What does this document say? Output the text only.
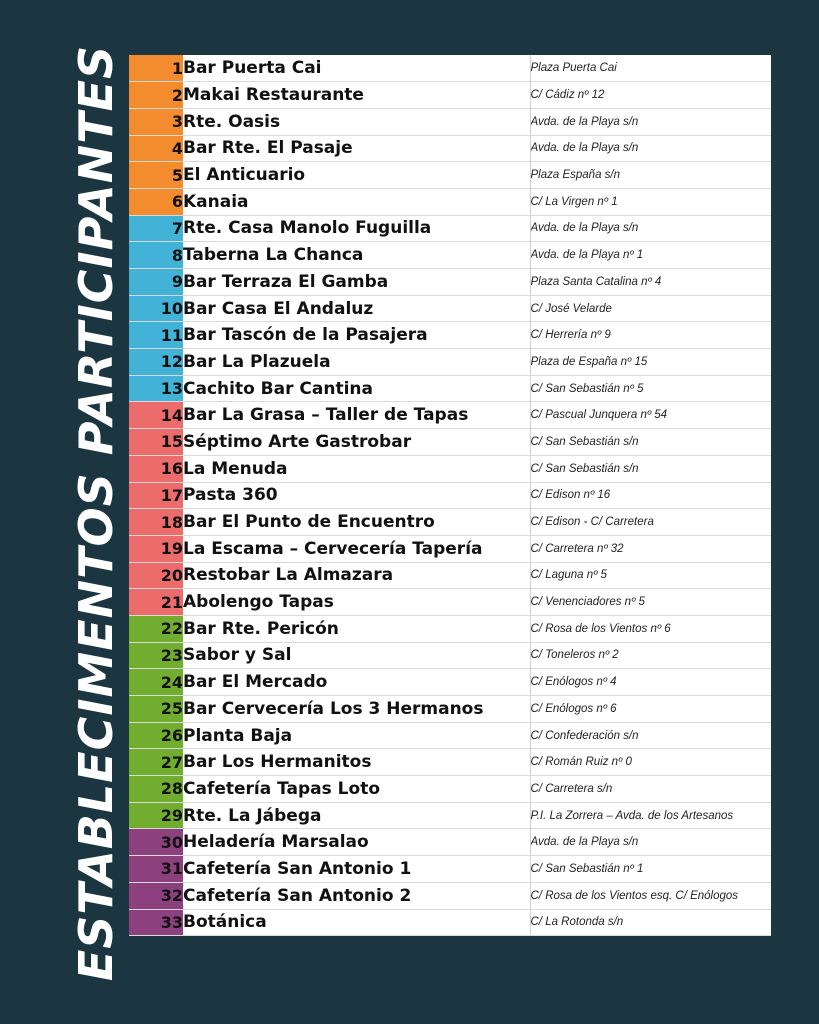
ESTABLECIMENTOS PARTICIPANTES	1	Bar Puerta Cai	Plaza Puerta Cai
2	Makai Restaurante	C/ Cádiz nº 12
3	Rte. Oasis	Avda. de la Playa s/n
4	Bar Rte. El Pasaje	Avda. de la Playa s/n
5	El Anticuario	Plaza España s/n
6	Kanaia	C/ La Virgen nº 1
7	Rte. Casa Manolo Fuguilla	Avda. de la Playa s/n
8	Taberna La Chanca	Avda. de la Playa nº 1
9	Bar Terraza El Gamba	Plaza Santa Catalina nº 4
10	Bar Casa El Andaluz	C/ José Velarde
11	Bar Tascón de la Pasajera	C/ Herrería nº 9
12	Bar La Plazuela	Plaza de España nº 15
13	Cachito Bar Cantina	C/ San Sebastián nº 5
14	Bar La Grasa – Taller de Tapas	C/ Pascual Junquera nº 54
15	Séptimo Arte Gastrobar	C/ San Sebastián s/n
16	La Menuda	C/ San Sebastián s/n
17	Pasta 360	C/ Edison nº 16
18	Bar El Punto de Encuentro	C/ Edison - C/ Carretera
19	La Escama – Cervecería Tapería	C/ Carretera nº 32
20	Restobar La Almazara	C/ Laguna nº 5
21	Abolengo Tapas	C/ Venenciadores nº 5
22	Bar Rte. Pericón	C/ Rosa de los Vientos nº 6
23	Sabor y Sal	C/ Toneleros nº 2
24	Bar El Mercado	C/ Enólogos nº 4
25	Bar Cervecería Los 3 Hermanos	C/ Enólogos nº 6
26	Planta Baja	C/ Confederación s/n
27	Bar Los Hermanitos	C/ Román Ruiz nº 0
28	Cafetería Tapas Loto	C/ Carretera s/n
29	Rte. La Jábega	P.I. La Zorrera – Avda. de los Artesanos
30	Heladería Marsalao	Avda. de la Playa s/n
31	Cafetería San Antonio 1	C/ San Sebastián nº 1
32	Cafetería San Antonio 2	C/ Rosa de los Vientos esq. C/ Enólogos
33	Botánica	C/ La Rotonda s/n
